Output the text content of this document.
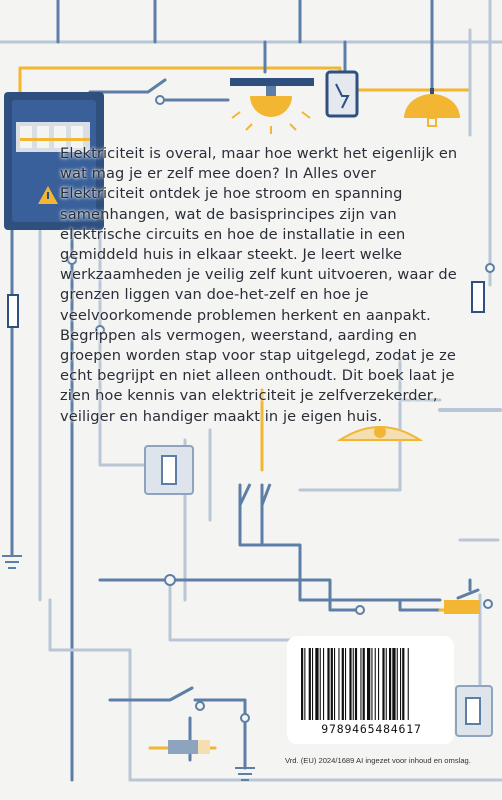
Elektriciteit is overal, maar hoe werkt het eigenlijk en wat mag je er zelf mee doen? In Alles over Elektriciteit ontdek je hoe stroom en spanning samenhangen, wat de basisprincipes zijn van elektrische circuits en hoe de installatie in een gemiddeld huis in elkaar steekt. Je leert welke werkzaamheden je veilig zelf kunt uitvoeren, waar de grenzen liggen van doe-het-zelf en hoe je veelvoorkomende problemen herkent en aanpakt. Begrippen als vermogen, weerstand, aarding en groepen worden stap voor stap uitgelegd, zodat je ze echt begrijpt en niet alleen onthoudt. Dit boek laat je zien hoe kennis van elektriciteit je zelfverzekerder, veiliger en handiger maakt in je eigen huis.

9789465484617
Vrd. (EU) 2024/1689 AI ingezet voor inhoud en omslag.
